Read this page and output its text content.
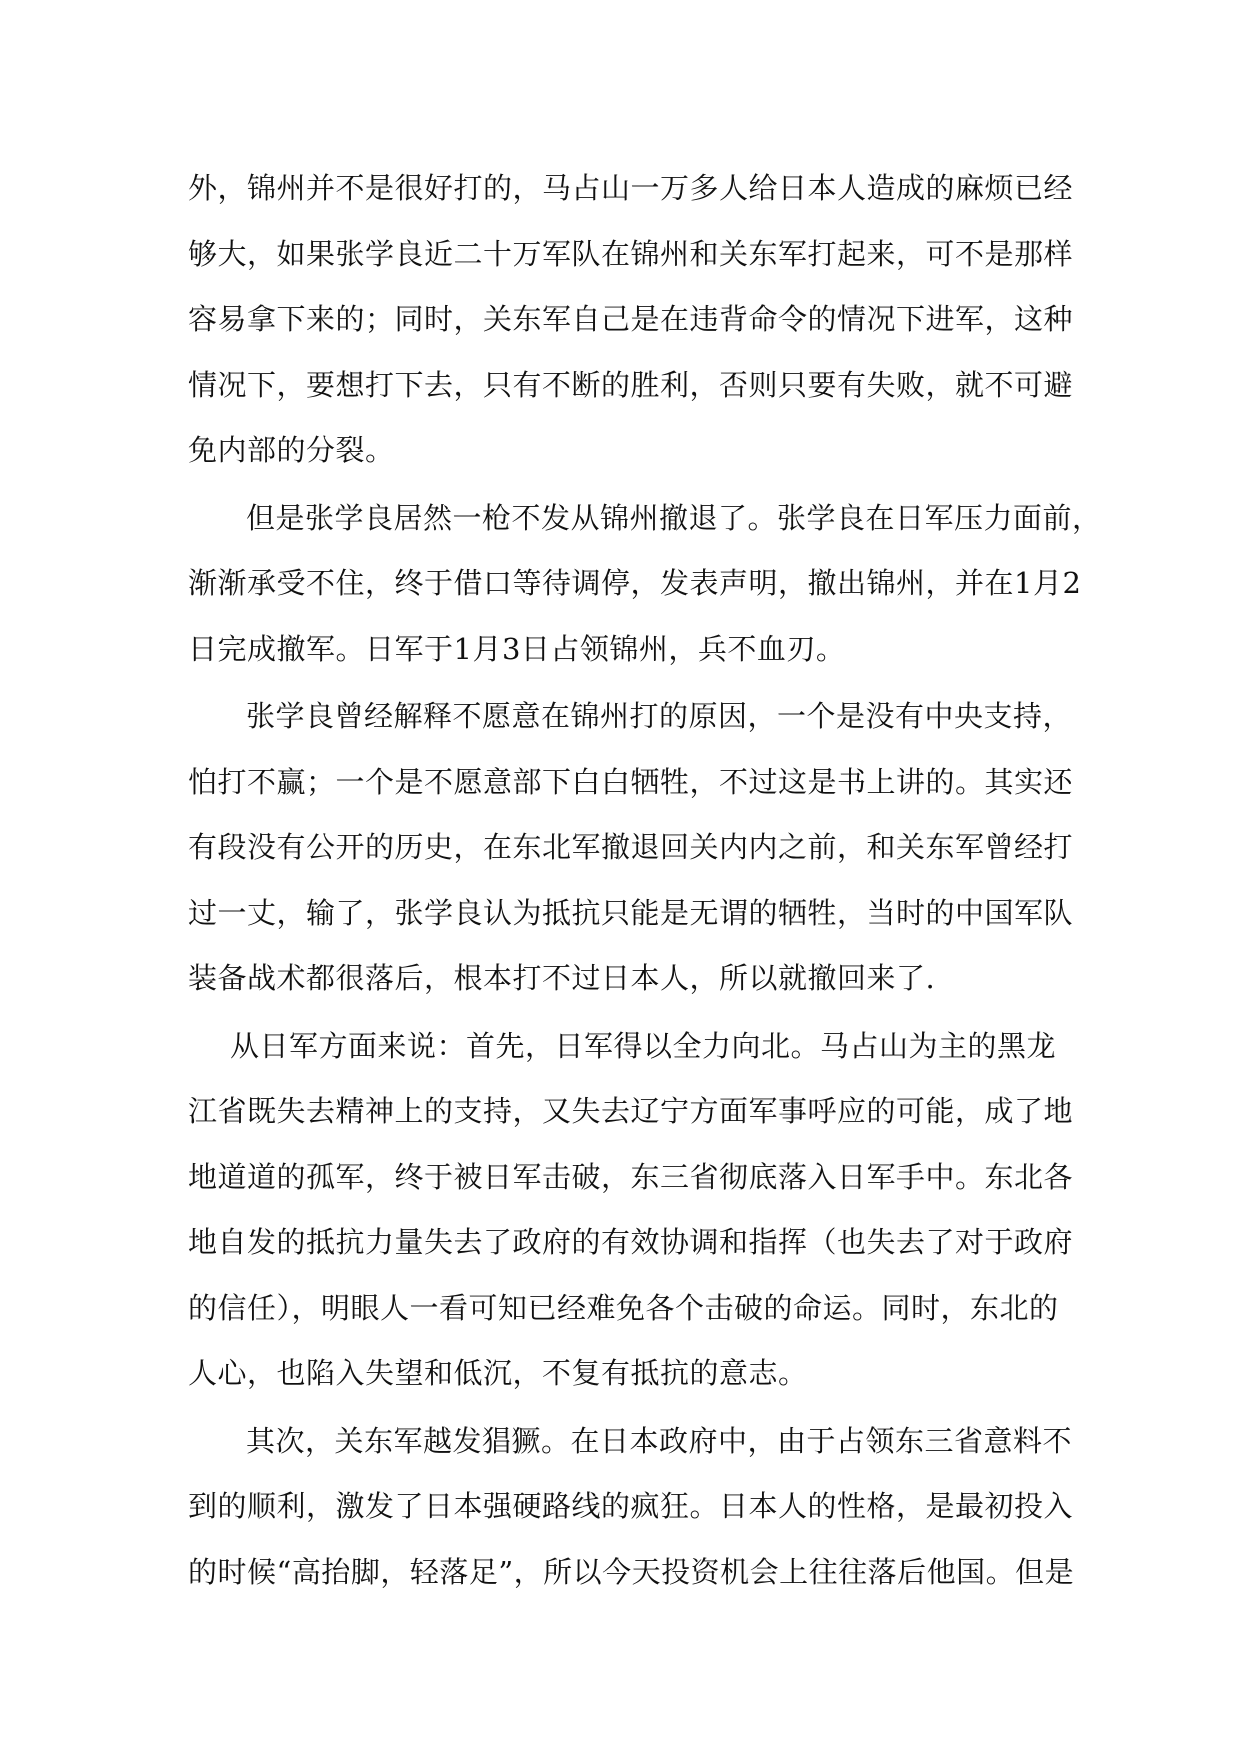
外，锦州并不是很好打的，马占山一万多人给日本人造成的麻烦已经
够大，如果张学良近二十万军队在锦州和关东军打起来，可不是那样
容易拿下来的；同时，关东军自己是在违背命令的情况下进军，这种
情况下，要想打下去，只有不断的胜利，否则只要有失败，就不可避
免内部的分裂。
但是张学良居然一枪不发从锦州撤退了。张学良在日军压力面前，
渐渐承受不住，终于借口等待调停，发表声明，撤出锦州，并在1月2
日完成撤军。日军于1月3日占领锦州，兵不血刃。
张学良曾经解释不愿意在锦州打的原因，一个是没有中央支持，
怕打不赢；一个是不愿意部下白白牺牲，不过这是书上讲的。其实还
有段没有公开的历史，在东北军撤退回关内内之前，和关东军曾经打
过一丈，输了，张学良认为抵抗只能是无谓的牺牲，当时的中国军队
装备战术都很落后，根本打不过日本人，所以就撤回来了.
从日军方面来说：首先，日军得以全力向北。马占山为主的黑龙
江省既失去精神上的支持，又失去辽宁方面军事呼应的可能，成了地
地道道的孤军，终于被日军击破，东三省彻底落入日军手中。东北各
地自发的抵抗力量失去了政府的有效协调和指挥（也失去了对于政府
的信任），明眼人一看可知已经难免各个击破的命运。同时，东北的
人心，也陷入失望和低沉，不复有抵抗的意志。
其次，关东军越发猖獗。在日本政府中，由于占领东三省意料不
到的顺利，激发了日本强硬路线的疯狂。日本人的性格，是最初投入
的时候“高抬脚，轻落足”，所以今天投资机会上往往落后他国。但是
